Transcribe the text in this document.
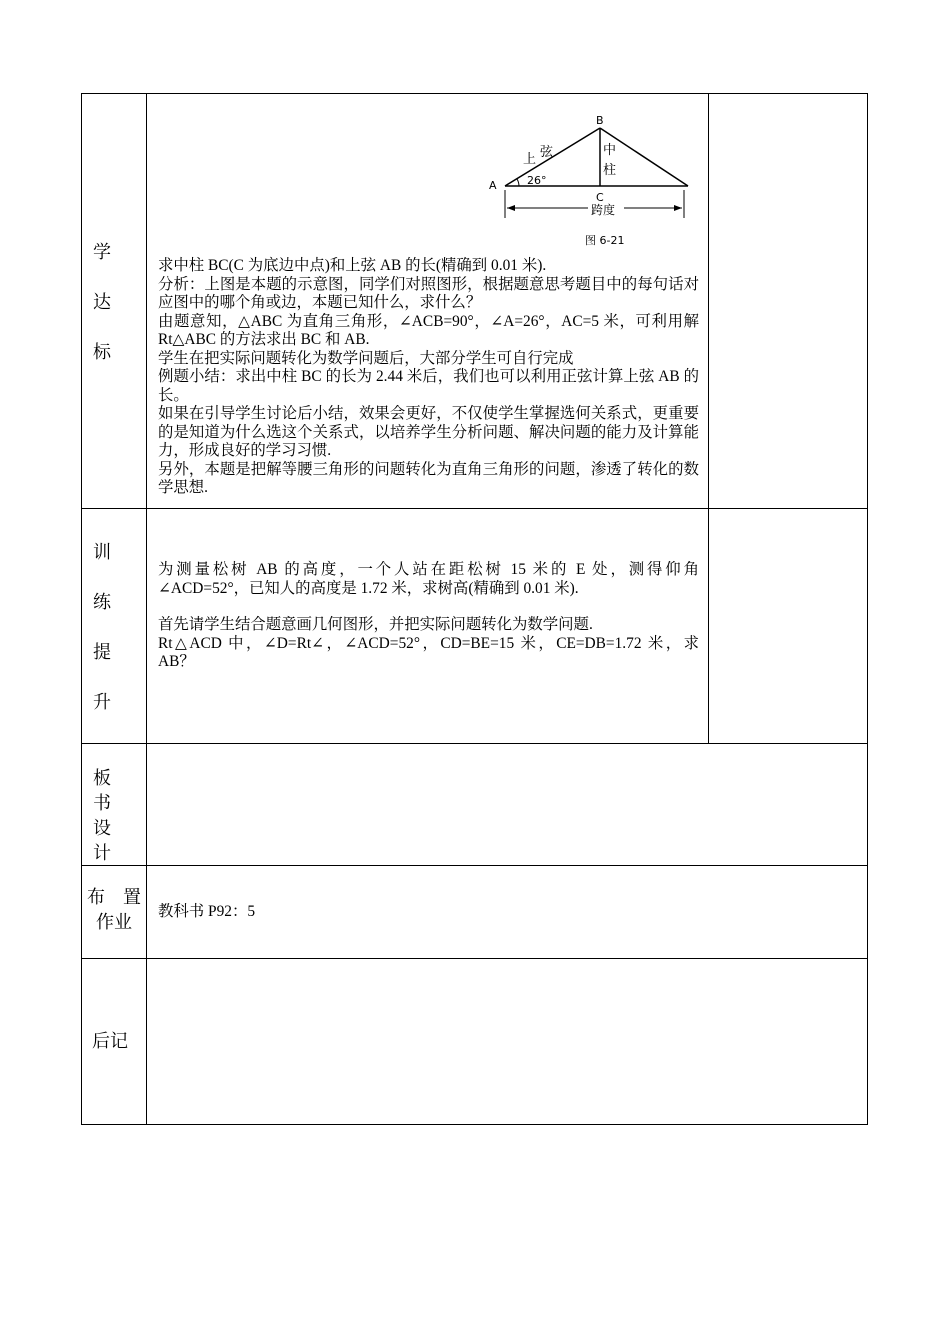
学
达
标
A
B
C
26°
上 弦	中
柱
跨度
图 6-21

求中柱 BC(C 为底边中点)和上弦 AB 的长(精确到 0.01 米).

分析：上图是本题的示意图，同学们对照图形，根据题意思考题目中的每句话对应图中的哪个角或边，本题已知什么，求什么？

由题意知，△ABC 为直角三角形，∠ACB=90°，∠A=26°，AC=5 米，可利用解 Rt△ABC 的方法求出 BC 和 AB.

学生在把实际问题转化为数学问题后，大部分学生可自行完成

例题小结：求出中柱 BC 的长为 2.44 米后，我们也可以利用正弦计算上弦 AB 的长。

如果在引导学生讨论后小结，效果会更好，不仅使学生掌握选何关系式，更重要的是知道为什么选这个关系式，以培养学生分析问题、解决问题的能力及计算能力，形成良好的学习习惯.

另外，本题是把解等腰三角形的问题转化为直角三角形的问题，渗透了转化的数学思想.

训
练
提
升

为测量松树 AB 的高度，一个人站在距松树 15 米的 E 处，测得仰角∠ACD=52°，已知人的高度是 1.72 米，求树高(精确到 0.01 米).

首先请学生结合题意画几何图形，并把实际问题转化为数学问题.

Rt△ACD 中，∠D=Rt∠，∠ACD=52°，CD=BE=15 米，CE=DB=1.72 米，求 AB？

板
书
设
计
布　置
作业
教科书 P92：5
后记
